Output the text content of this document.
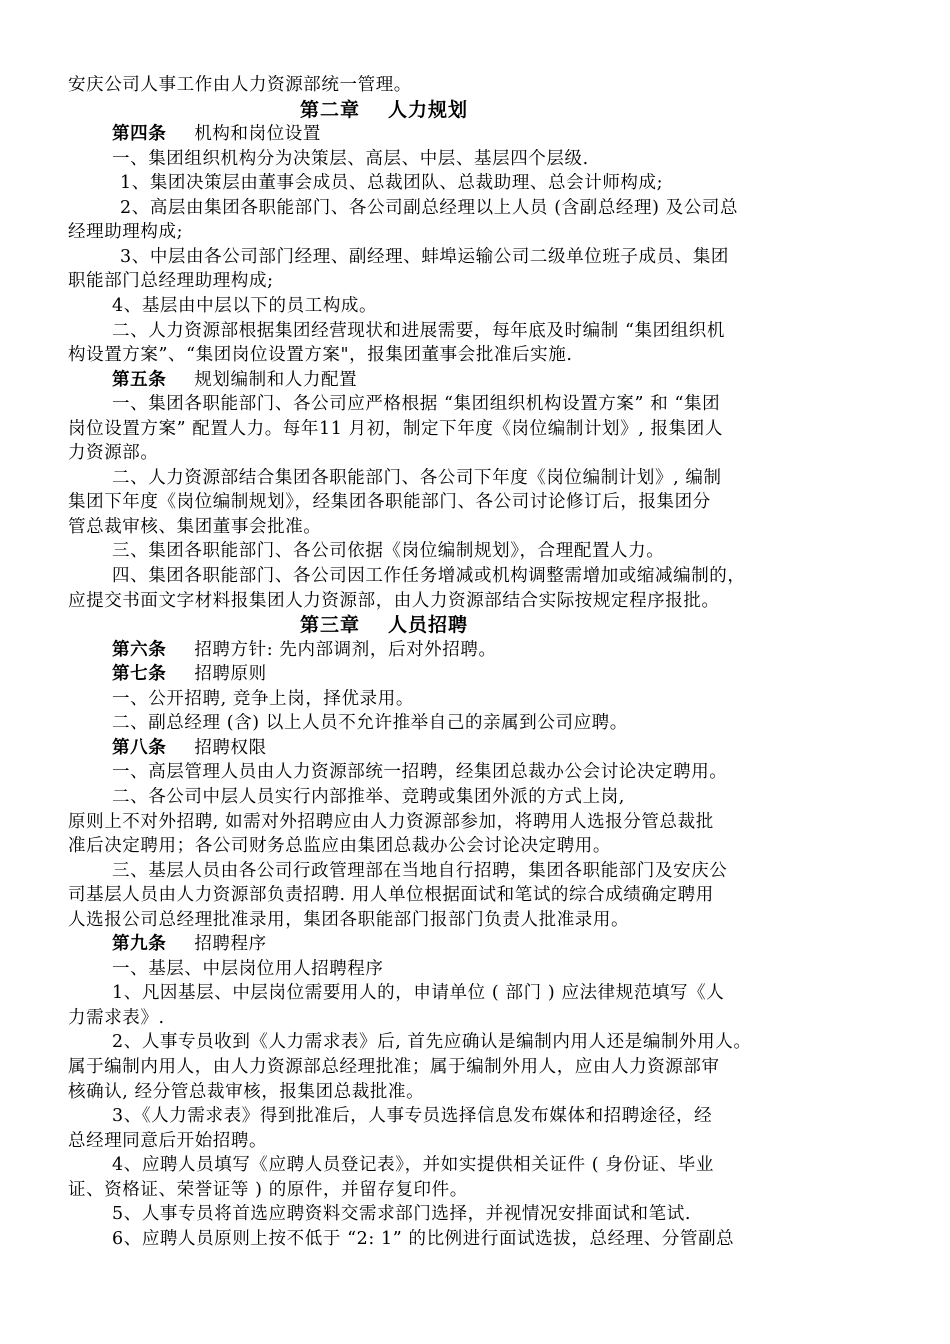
安庆公司人事工作由人力资源部统一管理。
第二章 人力规划
第四条 机构和岗位设置
一、集团组织机构分为决策层、高层、中层、基层四个层级.
1、集团决策层由董事会成员、总裁团队、总裁助理、总会计师构成;
2、高层由集团各职能部门、各公司副总经理以上人员 (含副总经理) 及公司总
经理助理构成;
3、中层由各公司部门经理、副经理、蚌埠运输公司二级单位班子成员、集团
职能部门总经理助理构成;
4、基层由中层以下的员工构成。
二、人力资源部根据集团经营现状和进展需要，每年底及时编制 “集团组织机
构设置方案”、“集团岗位设置方案"，报集团董事会批准后实施.
第五条 规划编制和人力配置
一、集团各职能部门、各公司应严格根据 “集团组织机构设置方案” 和 “集团
岗位设置方案” 配置人力。每年11 月初，制定下年度《岗位编制计划》, 报集团人
力资源部。
二、人力资源部结合集团各职能部门、各公司下年度《岗位编制计划》, 编制
集团下年度《岗位编制规划》，经集团各职能部门、各公司讨论修订后，报集团分
管总裁审核、集团董事会批准。
三、集团各职能部门、各公司依据《岗位编制规划》，合理配置人力。
四、集团各职能部门、各公司因工作任务增减或机构调整需增加或缩减编制的，
应提交书面文字材料报集团人力资源部，由人力资源部结合实际按规定程序报批。
第三章 人员招聘
第六条 招聘方针: 先内部调剂，后对外招聘。
第七条 招聘原则
一、公开招聘, 竞争上岗，择优录用。
二、副总经理 (含) 以上人员不允许推举自己的亲属到公司应聘。
第八条 招聘权限
一、高层管理人员由人力资源部统一招聘，经集团总裁办公会讨论决定聘用。
二、各公司中层人员实行内部推举、竞聘或集团外派的方式上岗,
原则上不对外招聘, 如需对外招聘应由人力资源部参加，将聘用人选报分管总裁批
准后决定聘用；各公司财务总监应由集团总裁办公会讨论决定聘用。
三、基层人员由各公司行政管理部在当地自行招聘，集团各职能部门及安庆公
司基层人员由人力资源部负责招聘. 用人单位根据面试和笔试的综合成绩确定聘用
人选报公司总经理批准录用，集团各职能部门报部门负责人批准录用。
第九条 招聘程序
一、基层、中层岗位用人招聘程序
1、凡因基层、中层岗位需要用人的，申请单位 ( 部门 ) 应法律规范填写《人
力需求表》.
2、人事专员收到《人力需求表》后, 首先应确认是编制内用人还是编制外用人。
属于编制内用人，由人力资源部总经理批准；属于编制外用人，应由人力资源部审
核确认, 经分管总裁审核，报集团总裁批准。
3、《人力需求表》得到批准后，人事专员选择信息发布媒体和招聘途径，经
总经理同意后开始招聘。
4、应聘人员填写《应聘人员登记表》，并如实提供相关证件 ( 身份证、毕业
证、资格证、荣誉证等 ) 的原件，并留存复印件。
5、人事专员将首选应聘资料交需求部门选择，并视情况安排面试和笔试.
6、应聘人员原则上按不低于 “2: 1” 的比例进行面试选拔，总经理、分管副总
